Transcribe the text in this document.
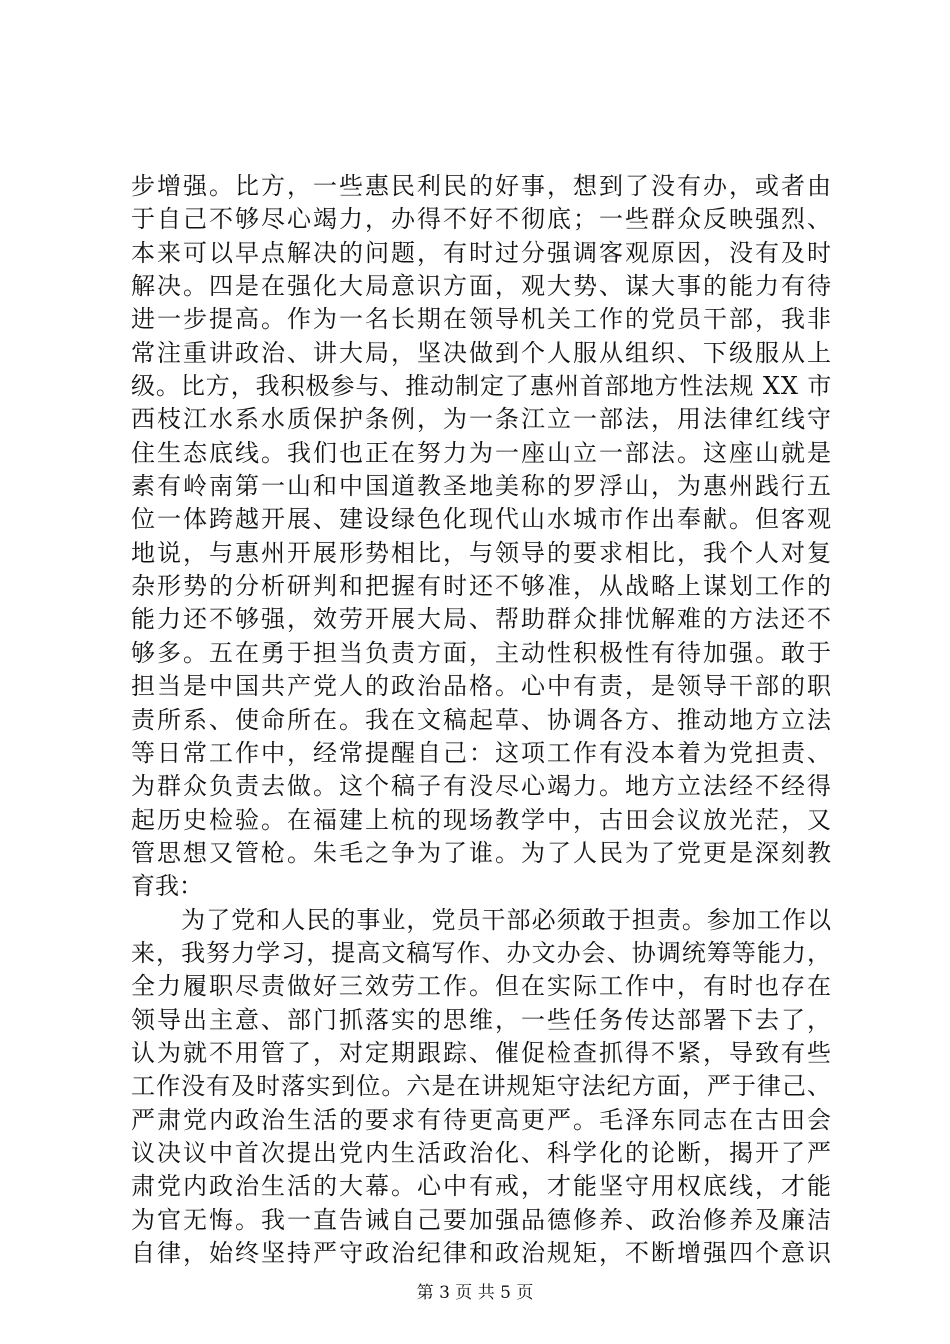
步增强。比方，一些惠民利民的好事，想到了没有办，或者由
于自己不够尽心竭力，办得不好不彻底；一些群众反映强烈、
本来可以早点解决的问题，有时过分强调客观原因，没有及时
解决。四是在强化大局意识方面，观大势、谋大事的能力有待
进一步提高。作为一名长期在领导机关工作的党员干部，我非
常注重讲政治、讲大局，坚决做到个人服从组织、下级服从上
级。比方，我积极参与、推动制定了惠州首部地方性法规 XX 市
西枝江水系水质保护条例，为一条江立一部法，用法律红线守
住生态底线。我们也正在努力为一座山立一部法。这座山就是
素有岭南第一山和中国道教圣地美称的罗浮山，为惠州践行五
位一体跨越开展、建设绿色化现代山水城市作出奉献。但客观
地说，与惠州开展形势相比，与领导的要求相比，我个人对复
杂形势的分析研判和把握有时还不够准，从战略上谋划工作的
能力还不够强，效劳开展大局、帮助群众排忧解难的方法还不
够多。五在勇于担当负责方面，主动性积极性有待加强。敢于
担当是中国共产党人的政治品格。心中有责，是领导干部的职
责所系、使命所在。我在文稿起草、协调各方、推动地方立法
等日常工作中，经常提醒自己：这项工作有没本着为党担责、
为群众负责去做。这个稿子有没尽心竭力。地方立法经不经得
起历史检验。在福建上杭的现场教学中，古田会议放光茫，又
管思想又管枪。朱毛之争为了谁。为了人民为了党更是深刻教
育我：
　　为了党和人民的事业，党员干部必须敢于担责。参加工作以
来，我努力学习，提高文稿写作、办文办会、协调统筹等能力，
全力履职尽责做好三效劳工作。但在实际工作中，有时也存在
领导出主意、部门抓落实的思维，一些任务传达部署下去了，
认为就不用管了，对定期跟踪、催促检查抓得不紧，导致有些
工作没有及时落实到位。六是在讲规矩守法纪方面，严于律己、
严肃党内政治生活的要求有待更高更严。毛泽东同志在古田会
议决议中首次提出党内生活政治化、科学化的论断，揭开了严
肃党内政治生活的大幕。心中有戒，才能坚守用权底线，才能
为官无悔。我一直告诫自己要加强品德修养、政治修养及廉洁
自律，始终坚持严守政治纪律和政治规矩，不断增强四个意识
第 3 页 共 5 页
